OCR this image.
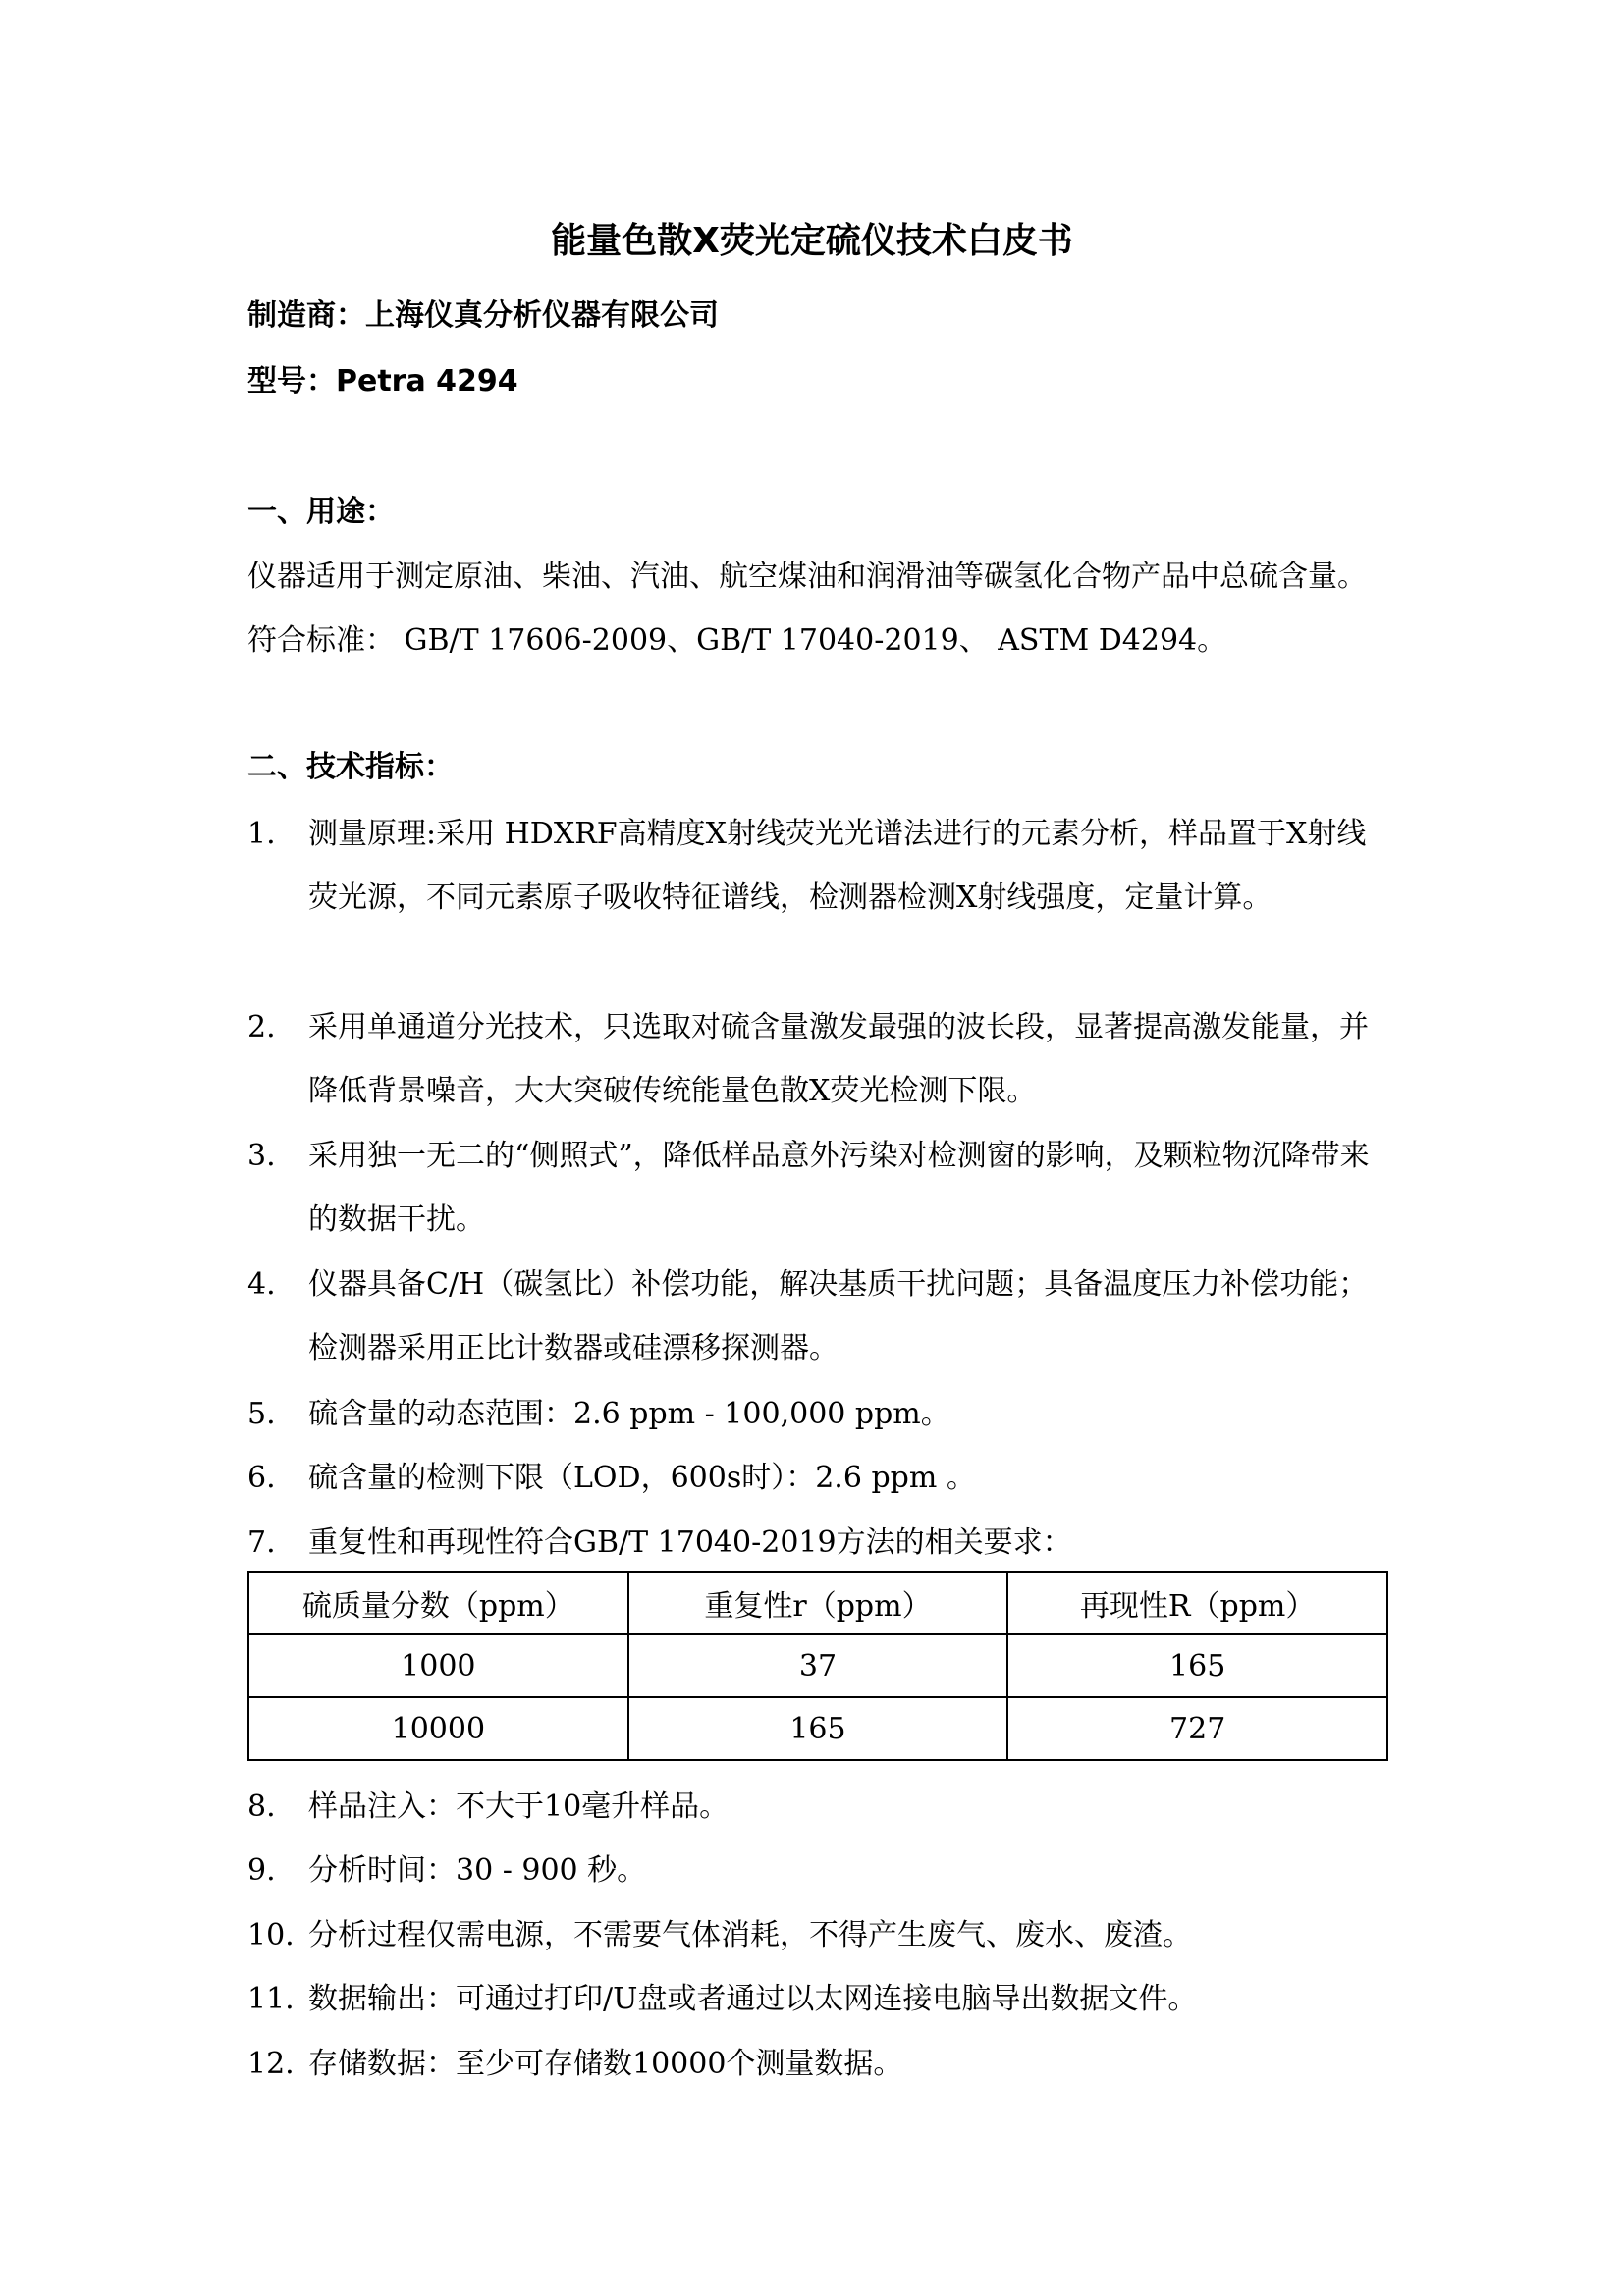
能量色散X荧光定硫仪技术白皮书

制造商：上海仪真分析仪器有限公司

型号：Petra 4294

一、用途：

仪器适用于测定原油、柴油、汽油、航空煤油和润滑油等碳氢化合物产品中总硫含量。符合标准： GB/T 17606-2009、GB/T 17040-2019、 ASTM D4294。

二、技术指标：

1.	测量原理:采用 HDXRF高精度X射线荧光光谱法进行的元素分析，样品置于X射线荧光源，不同元素原子吸收特征谱线，检测器检测X射线强度，定量计算。
2.	采用单通道分光技术，只选取对硫含量激发最强的波长段，显著提高激发能量，并降低背景噪音，大大突破传统能量色散X荧光检测下限。
3.	采用独一无二的“侧照式”，降低样品意外污染对检测窗的影响，及颗粒物沉降带来的数据干扰。
4.	仪器具备C/H（碳氢比）补偿功能，解决基质干扰问题；具备温度压力补偿功能；检测器采用正比计数器或硅漂移探测器。
5.	硫含量的动态范围：2.6 ppm - 100,000 ppm。
6.	硫含量的检测下限（LOD，600s时）：2.6 ppm 。
7.	重复性和再现性符合GB/T 17040-2019方法的相关要求：
硫质量分数（ppm）	重复性r（ppm）	再现性R（ppm）
1000	37	165
10000	165	727
8.	样品注入：不大于10毫升样品。
9.	分析时间：30 - 900 秒。
10. 分析过程仅需电源，不需要气体消耗，不得产生废气、废水、废渣。
11. 数据输出：可通过打印/U盘或者通过以太网连接电脑导出数据文件。
12. 存储数据：至少可存储数10000个测量数据。
